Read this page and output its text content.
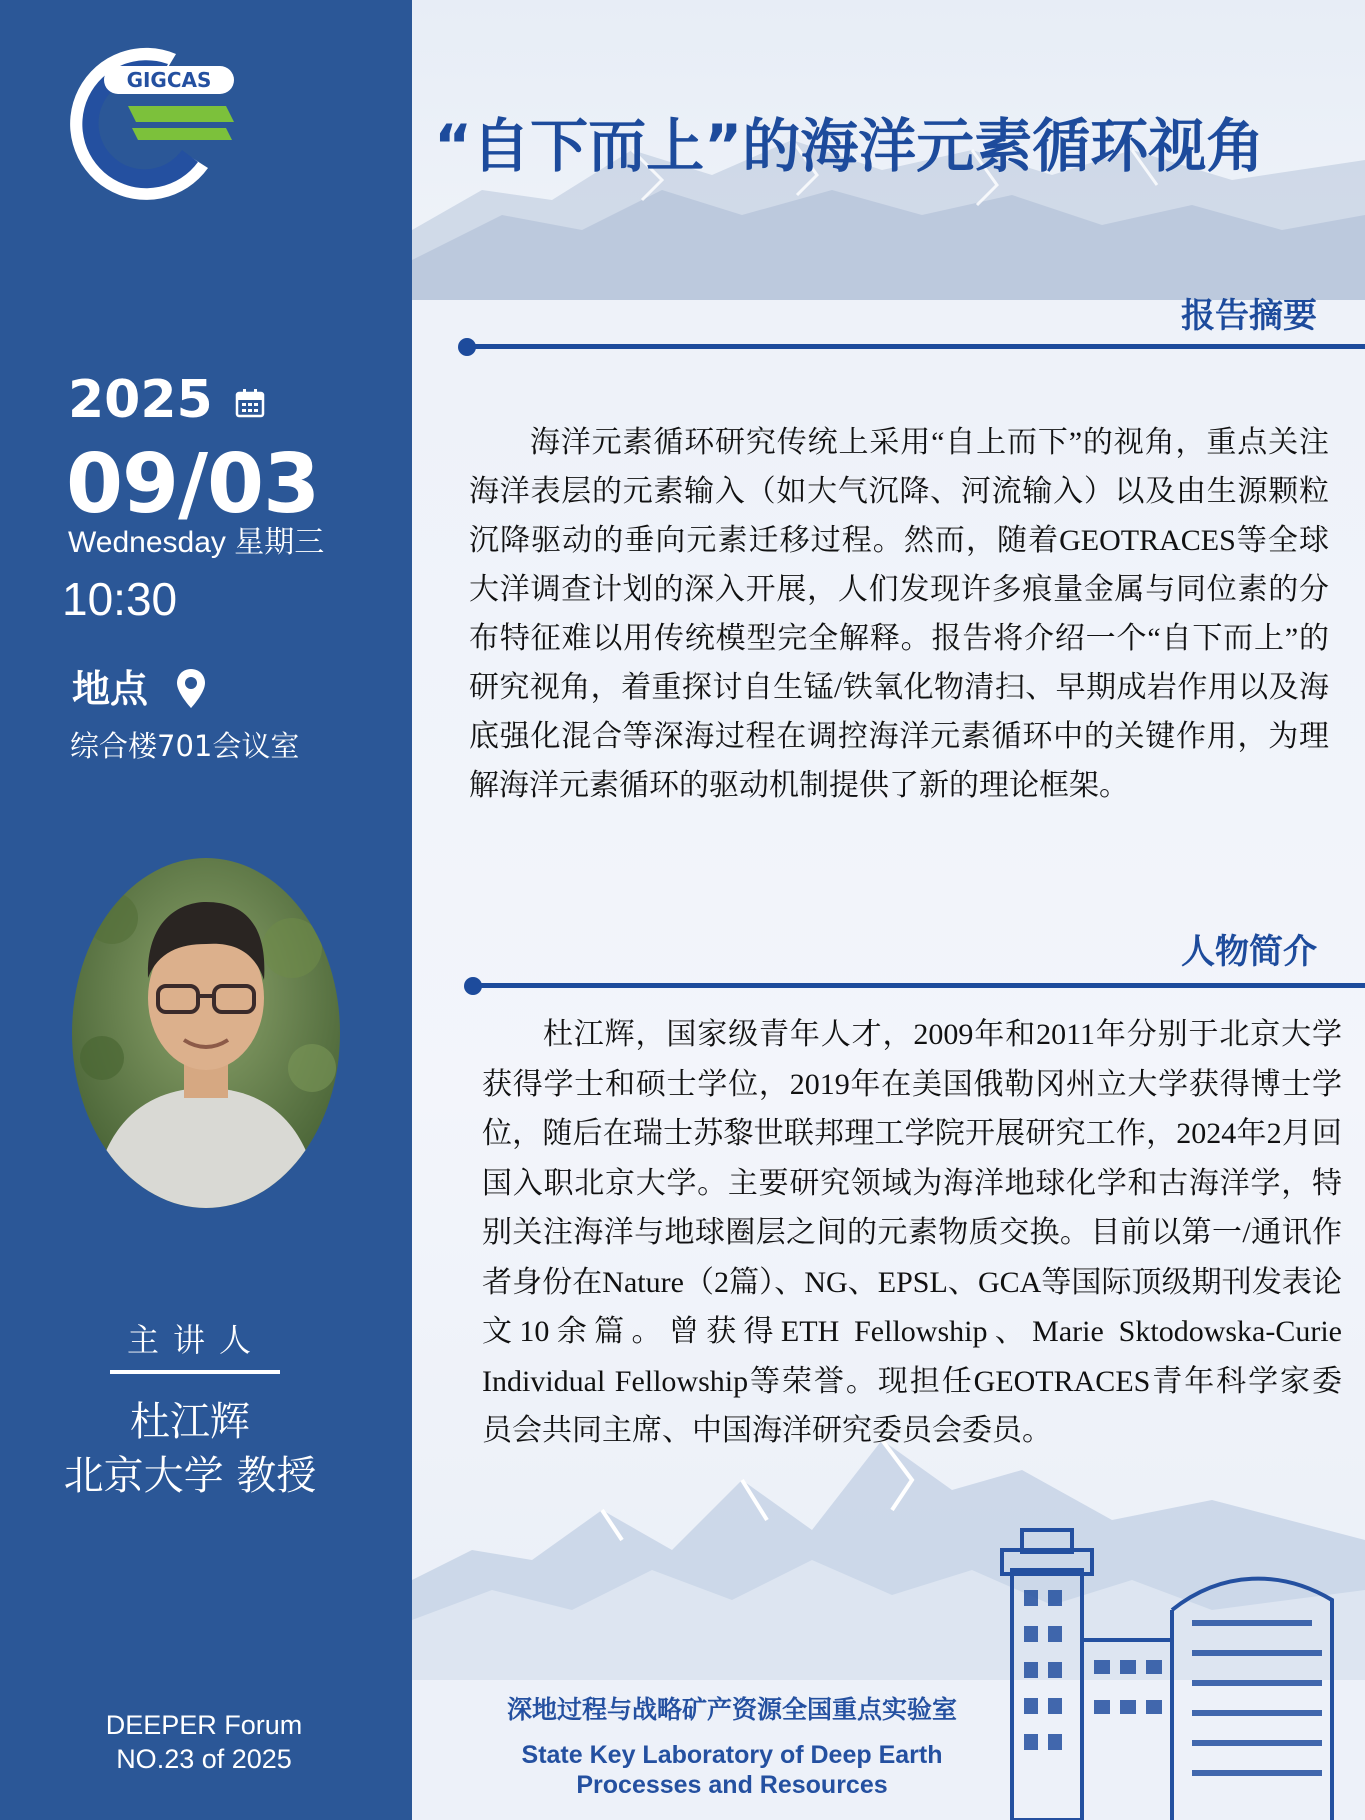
GIGCAS
2025
09/03
Wednesday 星期三
10:30
地点
综合楼701会议室
主讲人
杜江辉
北京大学 教授
DEEPER Forum
NO.23 of 2025
“自下而上”的海洋元素循环视角
报告摘要
海洋元素循环研究传统上采用“自上而下”的视角，重点关注海洋表层的元素输入（如大气沉降、河流输入）以及由生源颗粒沉降驱动的垂向元素迁移过程。然而，随着GEOTRACES等全球大洋调查计划的深入开展，人们发现许多痕量金属与同位素的分布特征难以用传统模型完全解释。报告将介绍一个“自下而上”的研究视角，着重探讨自生锰/铁氧化物清扫、早期成岩作用以及海底强化混合等深海过程在调控海洋元素循环中的关键作用，为理解海洋元素循环的驱动机制提供了新的理论框架。
人物简介
杜江辉，国家级青年人才，2009年和2011年分别于北京大学获得学士和硕士学位，2019年在美国俄勒冈州立大学获得博士学位，随后在瑞士苏黎世联邦理工学院开展研究工作，2024年2月回国入职北京大学。主要研究领域为海洋地球化学和古海洋学，特别关注海洋与地球圈层之间的元素物质交换。目前以第一/通讯作者身份在Nature（2篇）、NG、EPSL、GCA等国际顶级期刊发表论文10余篇。曾获得ETH Fellowship、Marie Sktodowska-Curie Individual Fellowship等荣誉。现担任GEOTRACES青年科学家委员会共同主席、中国海洋研究委员会委员。
深地过程与战略矿产资源全国重点实验室
State Key Laboratory of Deep Earth
Processes and Resources
